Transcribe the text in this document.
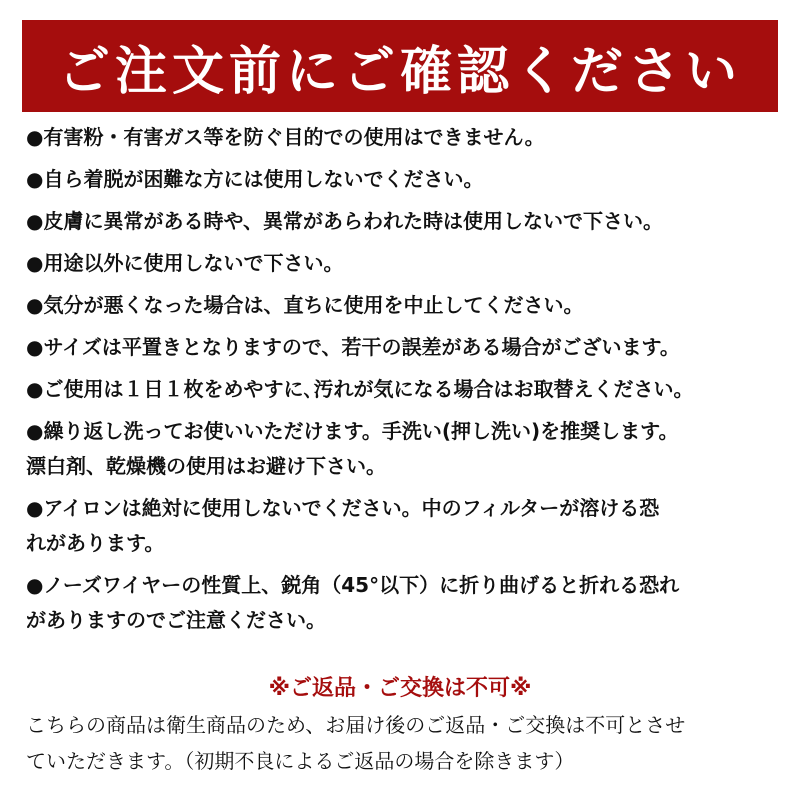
ご注文前にご確認ください
●有害粉・有害ガス等を防ぐ目的での使用はできません。
●自ら着脱が困難な方には使用しないでください。
●皮膚に異常がある時や、異常があらわれた時は使用しないで下さい。
●用途以外に使用しないで下さい。
●気分が悪くなった場合は、直ちに使用を中止してください。
●サイズは平置きとなりますので、若干の誤差がある場合がございます。
●ご使用は１日１枚をめやすに､汚れが気になる場合はお取替えください。
●繰り返し洗ってお使いいただけます。手洗い(押し洗い)を推奨します。
漂白剤、乾燥機の使用はお避け下さい。
●アイロンは絶対に使用しないでください。中のフィルターが溶ける恐
れがあります。
●ノーズワイヤーの性質上、鋭角（45°以下）に折り曲げると折れる恐れ
がありますのでご注意ください。
※ご返品・ご交換は不可※
こちらの商品は衛生商品のため、お届け後のご返品・ご交換は不可とさせ
ていただきます。（初期不良によるご返品の場合を除きます）
